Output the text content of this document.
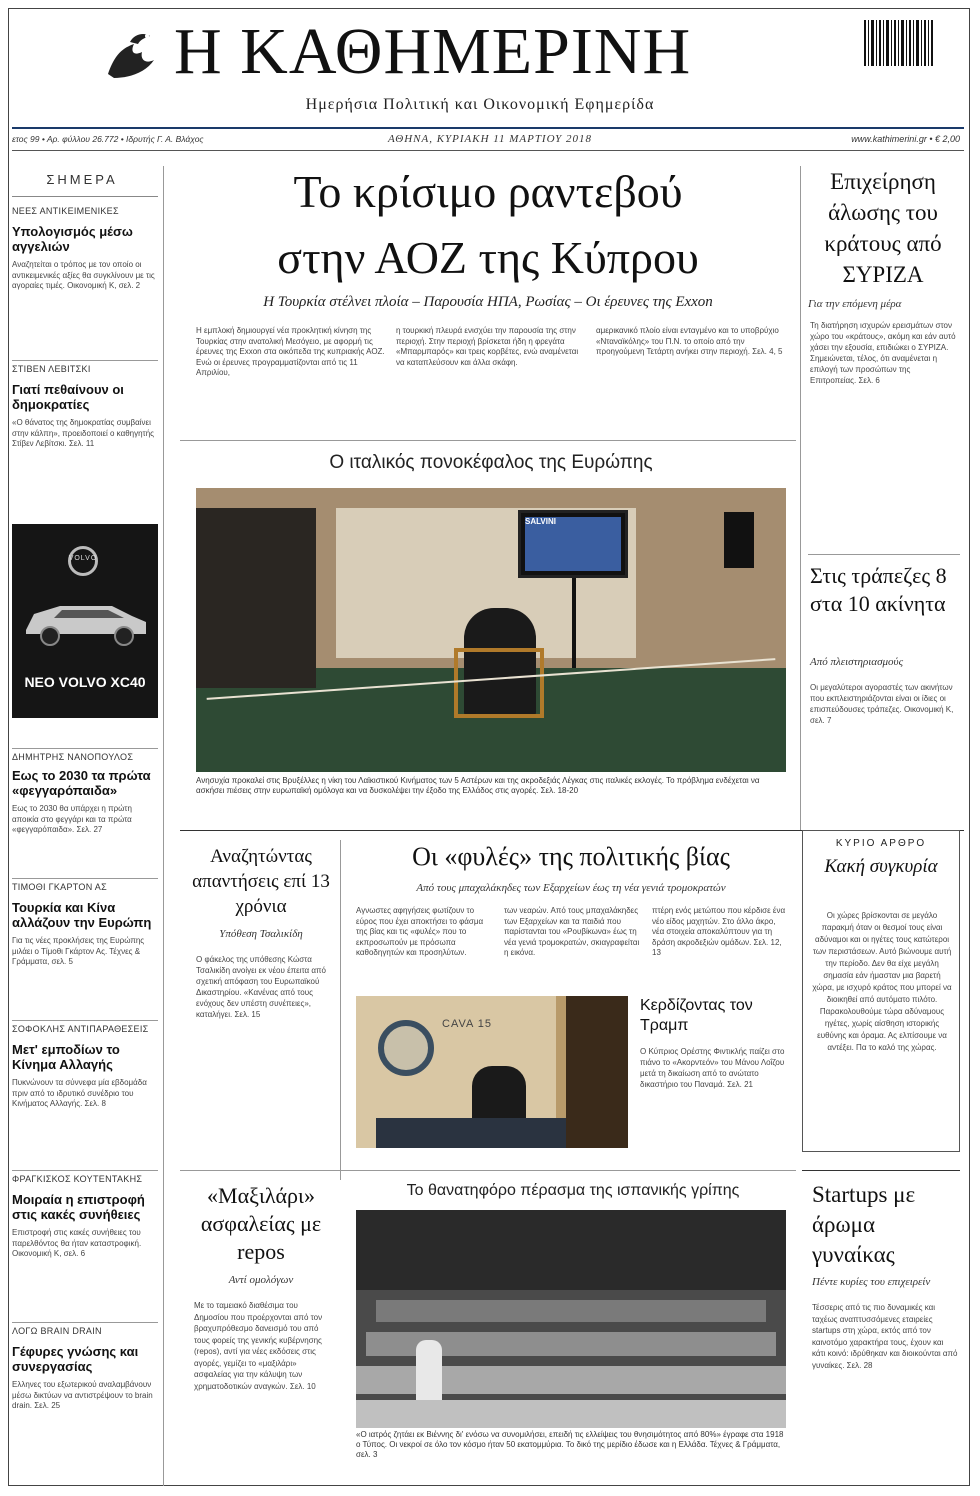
Η ΚΑΘΗΜΕΡΙΝΗ
Ημερήσια Πολιτική και Οικονομική Εφημερίδα
ετος 99 • Αρ. φύλλου 26.772 • Ιδρυτής Γ. Α. Βλάχος	ΑΘΗΝΑ, ΚΥΡΙΑΚΗ 11 ΜΑΡΤΙΟΥ 2018	www.kathimerini.gr • € 2,00
ΣΗΜΕΡΑ
ΝΕΕΣ ΑΝΤΙΚΕΙΜΕΝΙΚΕΣ
Υπολογισμός μέσω αγγελιών
Αναζητείται ο τρόπος με τον οποίο οι αντικειμενικές αξίες θα συγκλίνουν με τις αγοραίες τιμές. Οικονομική Κ, σελ. 2
ΣΤΙΒΕΝ ΛΕΒΙΤΣΚΙ
Γιατί πεθαίνουν οι δημοκρατίες
«Ο θάνατος της δημοκρατίας συμβαίνει στην κάλπη», προειδοποιεί ο καθηγητής Στίβεν Λεβίτσκι. Σελ. 11
VOLVO
ΝΕΟ VOLVO XC40
ΔΗΜΗΤΡΗΣ ΝΑΝΟΠΟΥΛΟΣ
Εως το 2030 τα πρώτα «φεγγαρόπαιδα»
Εως το 2030 θα υπάρχει η πρώτη αποικία στο φεγγάρι και τα πρώτα «φεγγαρόπαιδα». Σελ. 27
ΤΙΜΟΘΙ ΓΚΑΡΤΟΝ ΑΣ
Τουρκία και Κίνα αλλάζουν την Ευρώπη
Για τις νέες προκλήσεις της Ευρώπης μιλάει ο Τίμοθι Γκάρτον Ας. Τέχνες & Γράμματα, σελ. 5
ΣΟΦΟΚΛΗΣ ΑΝΤΙΠΑΡΑΘΕΣΕΙΣ
Μετ' εμποδίων το Κίνημα Αλλαγής
Πυκνώνουν τα σύννεφα μία εβδομάδα πριν από το ιδρυτικό συνέδριο του Κινήματος Αλλαγής. Σελ. 8
ΦΡΑΓΚΙΣΚΟΣ ΚΟΥΤΕΝΤΑΚΗΣ
Μοιραία η επιστροφή στις κακές συνήθειες
Επιστροφή στις κακές συνήθειες του παρελθόντος θα ήταν καταστροφική. Οικονομική Κ, σελ. 6
ΛΟΓΩ BRAIN DRAIN
Γέφυρες γνώσης και συνεργασίας
Ελληνες του εξωτερικού αναλαμβάνουν μέσω δικτύων να αντιστρέψουν το brain drain. Σελ. 25
Το κρίσιμο ραντεβού
στην ΑΟΖ της Κύπρου
Η Τουρκία στέλνει πλοία – Παρουσία ΗΠΑ, Ρωσίας – Οι έρευνες της Exxon
Η εμπλοκή δημιουργεί νέα προκλητική κίνηση της Τουρκίας στην ανατολική Μεσόγειο, με αφορμή τις έρευνες της Exxon στα οικόπεδα της κυπριακής ΑΟΖ. Ενώ οι έρευνες προγραμματίζονται από τις 11 Απριλίου,
η τουρκική πλευρά ενισχύει την παρουσία της στην περιοχή. Στην περιοχή βρίσκεται ήδη η φρεγάτα «Μπαρμπαρός» και τρεις κορβέτες, ενώ αναμένεται να καταπλεύσουν και άλλα σκάφη.
αμερικανικό πλοίο είναι ενταγμένο και το υποβρύχιο «Νταναϊκόλης» του Π.Ν. το οποίο από την προηγούμενη Τετάρτη ανήκει στην περιοχή. Σελ. 4, 5
Ο ιταλικός πονοκέφαλος της Ευρώπης
SALVINI
Ανησυχία προκαλεί στις Βρυξέλλες η νίκη του Λαϊκιστικού Κινήματος των 5 Αστέρων και της ακροδεξιάς Λέγκας στις ιταλικές εκλογές. Το πρόβλημα ενδέχεται να ασκήσει πιέσεις στην ευρωπαϊκή ομόλογα και να δυσκολέψει την έξοδο της Ελλάδος στις αγορές. Σελ. 18-20
Επιχείρηση άλωσης του κράτους από ΣΥΡΙΖΑ
Για την επόμενη μέρα
Τη διατήρηση ισχυρών ερεισμάτων στον χώρο του «κράτους», ακόμη και εάν αυτό χάσει την εξουσία, επιδιώκει ο ΣΥΡΙΖΑ. Σημειώνεται, τέλος, ότι αναμένεται η επιλογή των προσώπων της Επιτροπείας. Σελ. 6
Στις τράπεζες 8 στα 10 ακίνητα
Από πλειστηριασμούς
Οι μεγαλύτεροι αγοραστές των ακινήτων που εκπλειστηριάζονται είναι οι ίδιες οι επισπεύδουσες τράπεζες. Οικονομική Κ, σελ. 7
ΚΥΡΙΟ ΑΡΘΡΟ
Κακή συγκυρία
Οι χώρες βρίσκονται σε μεγάλο παρακμή όταν οι θεσμοί τους είναι αδύναμοι και οι ηγέτες τους κατώτεροι των περιστάσεων. Αυτό βιώνουμε αυτή την περίοδο. Δεν θα είχε μεγάλη σημασία εάν ήμασταν μια βαρετή χώρα, με ισχυρό κράτος που μπορεί να διοικηθεί από αυτόματο πιλότο. Παρακολουθούμε τώρα αδύναμους ηγέτες, χωρίς αίσθηση ιστορικής ευθύνης και όραμα. Ας ελπίσουμε να αντέξει. Πα το καλό της χώρας.
Startups με άρωμα γυναίκας
Πέντε κυρίες του επιχειρείν
Τέσσερις από τις πιο δυναμικές και ταχέως αναπτυσσόμενες εταιρείες startups στη χώρα, εκτός από τον καινοτόμο χαρακτήρα τους, έχουν και κάτι κοινό: ιδρύθηκαν και διοικούνται από γυναίκες. Σελ. 28
Αναζητώντας απαντήσεις επί 13 χρόνια
Υπόθεση Τσαλικίδη
Ο φάκελος της υπόθεσης Κώστα Τσαλικίδη ανοίγει εκ νέου έπειτα από σχετική απόφαση του Ευρωπαϊκού Δικαστηρίου. «Κανένας από τους ενόχους δεν υπέστη συνέπειες», καταλήγει. Σελ. 15
Οι «φυλές» της πολιτικής βίας
Από τους μπαχαλάκηδες των Εξαρχείων έως τη νέα γενιά τρομοκρατών
Αγνωστες αφηγήσεις φωτίζουν το εύρος που έχει αποκτήσει το φάσμα της βίας και τις «φυλές» που το εκπροσωπούν με πρόσωπα καθοδηγητών και προσηλύτων.
των νεαρών. Από τους μπαχαλάκηδες των Εξαρχείων και τα παιδιά που παρίστανται του «Ρουβίκωνα» έως τη νέα γενιά τρομοκρατών, σκιαγραφείται η εικόνα.
πτέρη ενός μετώπου που κέρδισε ένα νέο είδος μαχητών. Στο άλλο άκρο, νέα στοιχεία αποκαλύπτουν για τη δράση ακροδεξιών ομάδων. Σελ. 12, 13
CAVA 15
Κερδίζοντας τον Τραμπ
Ο Κύπριος Ορέστης Φιντικλής παίζει στο πιάνο το «Ακορντεόν» του Μάνου Λοΐζου μετά τη δικαίωση από το ανώτατο δικαστήριο του Παναμά. Σελ. 21
«Μαξιλάρι» ασφαλείας με repos
Αντί ομολόγων
Με το ταμειακό διαθέσιμα του Δημοσίου που προέρχονται από τον βραχυπρόθεσμο δανεισμό του από τους φορείς της γενικής κυβέρνησης (repos), αντί για νέες εκδόσεις στις αγορές, γεμίζει το «μαξιλάρι» ασφαλείας για την κάλυψη των χρηματοδοτικών αναγκών. Σελ. 10
Το θανατηφόρο πέρασμα της ισπανικής γρίπης
«Ο ιατρός ζητάει εκ Βιέννης δι' ενόσω να συνομιλήσει, επειδή τις ελλείψεις του θνησιμότητος από 80%» έγραφε στα 1918 ο Τύπος. Οι νεκροί σε όλο τον κόσμο ήταν 50 εκατομμύρια. Το δικό της μερίδιο έδωσε και η Ελλάδα. Τέχνες & Γράμματα, σελ. 3
